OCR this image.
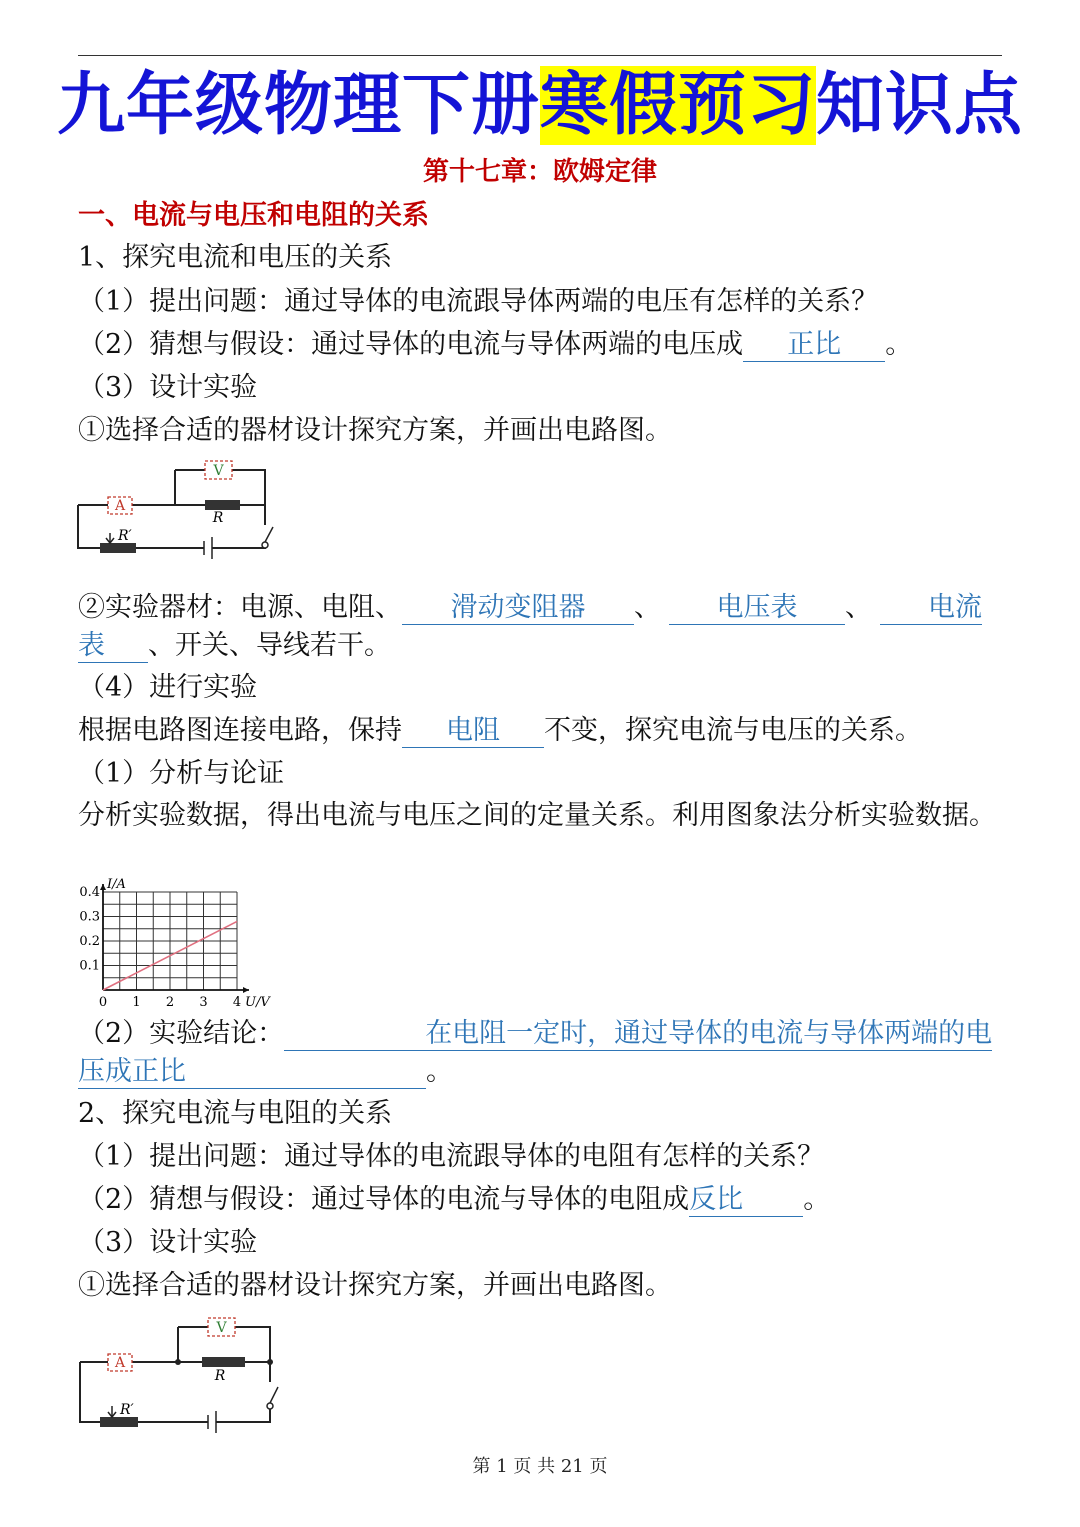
九年级物理下册寒假预习知识点
第十七章：欧姆定律
一、电流与电压和电阻的关系
1、探究电流和电压的关系
（1）提出问题：通过导体的电流跟导体两端的电压有怎样的关系？
（2）猜想与假设：通过导体的电流与导体两端的电压成 正比 。
（3）设计实验
①选择合适的器材设计探究方案，并画出电路图。
V
A
R
R′
②实验器材：电源、电阻、 滑动变阻器 、 电压表 、 电流
表 、开关、导线若干。
（4）进行实验
根据电路图连接电路，保持 电阻 不变，探究电流与电压的关系。
（1）分析与论证
分析实验数据，得出电流与电压之间的定量关系。利用图象法分析实验数据。
0 1 2 3 4
0.1
0.2
0.3
0.4
I/A
U/V
（2）实验结论：	在电阻一定时，通过导体的电流与导体两端的电
压成正比	。
2、探究电流与电阻的关系
（1）提出问题：通过导体的电流跟导体的电阻有怎样的关系？
（2）猜想与假设：通过导体的电流与导体的电阻成反比 。
（3）设计实验
①选择合适的器材设计探究方案，并画出电路图。
V
A
R
R′
第 1 页 共 21 页
